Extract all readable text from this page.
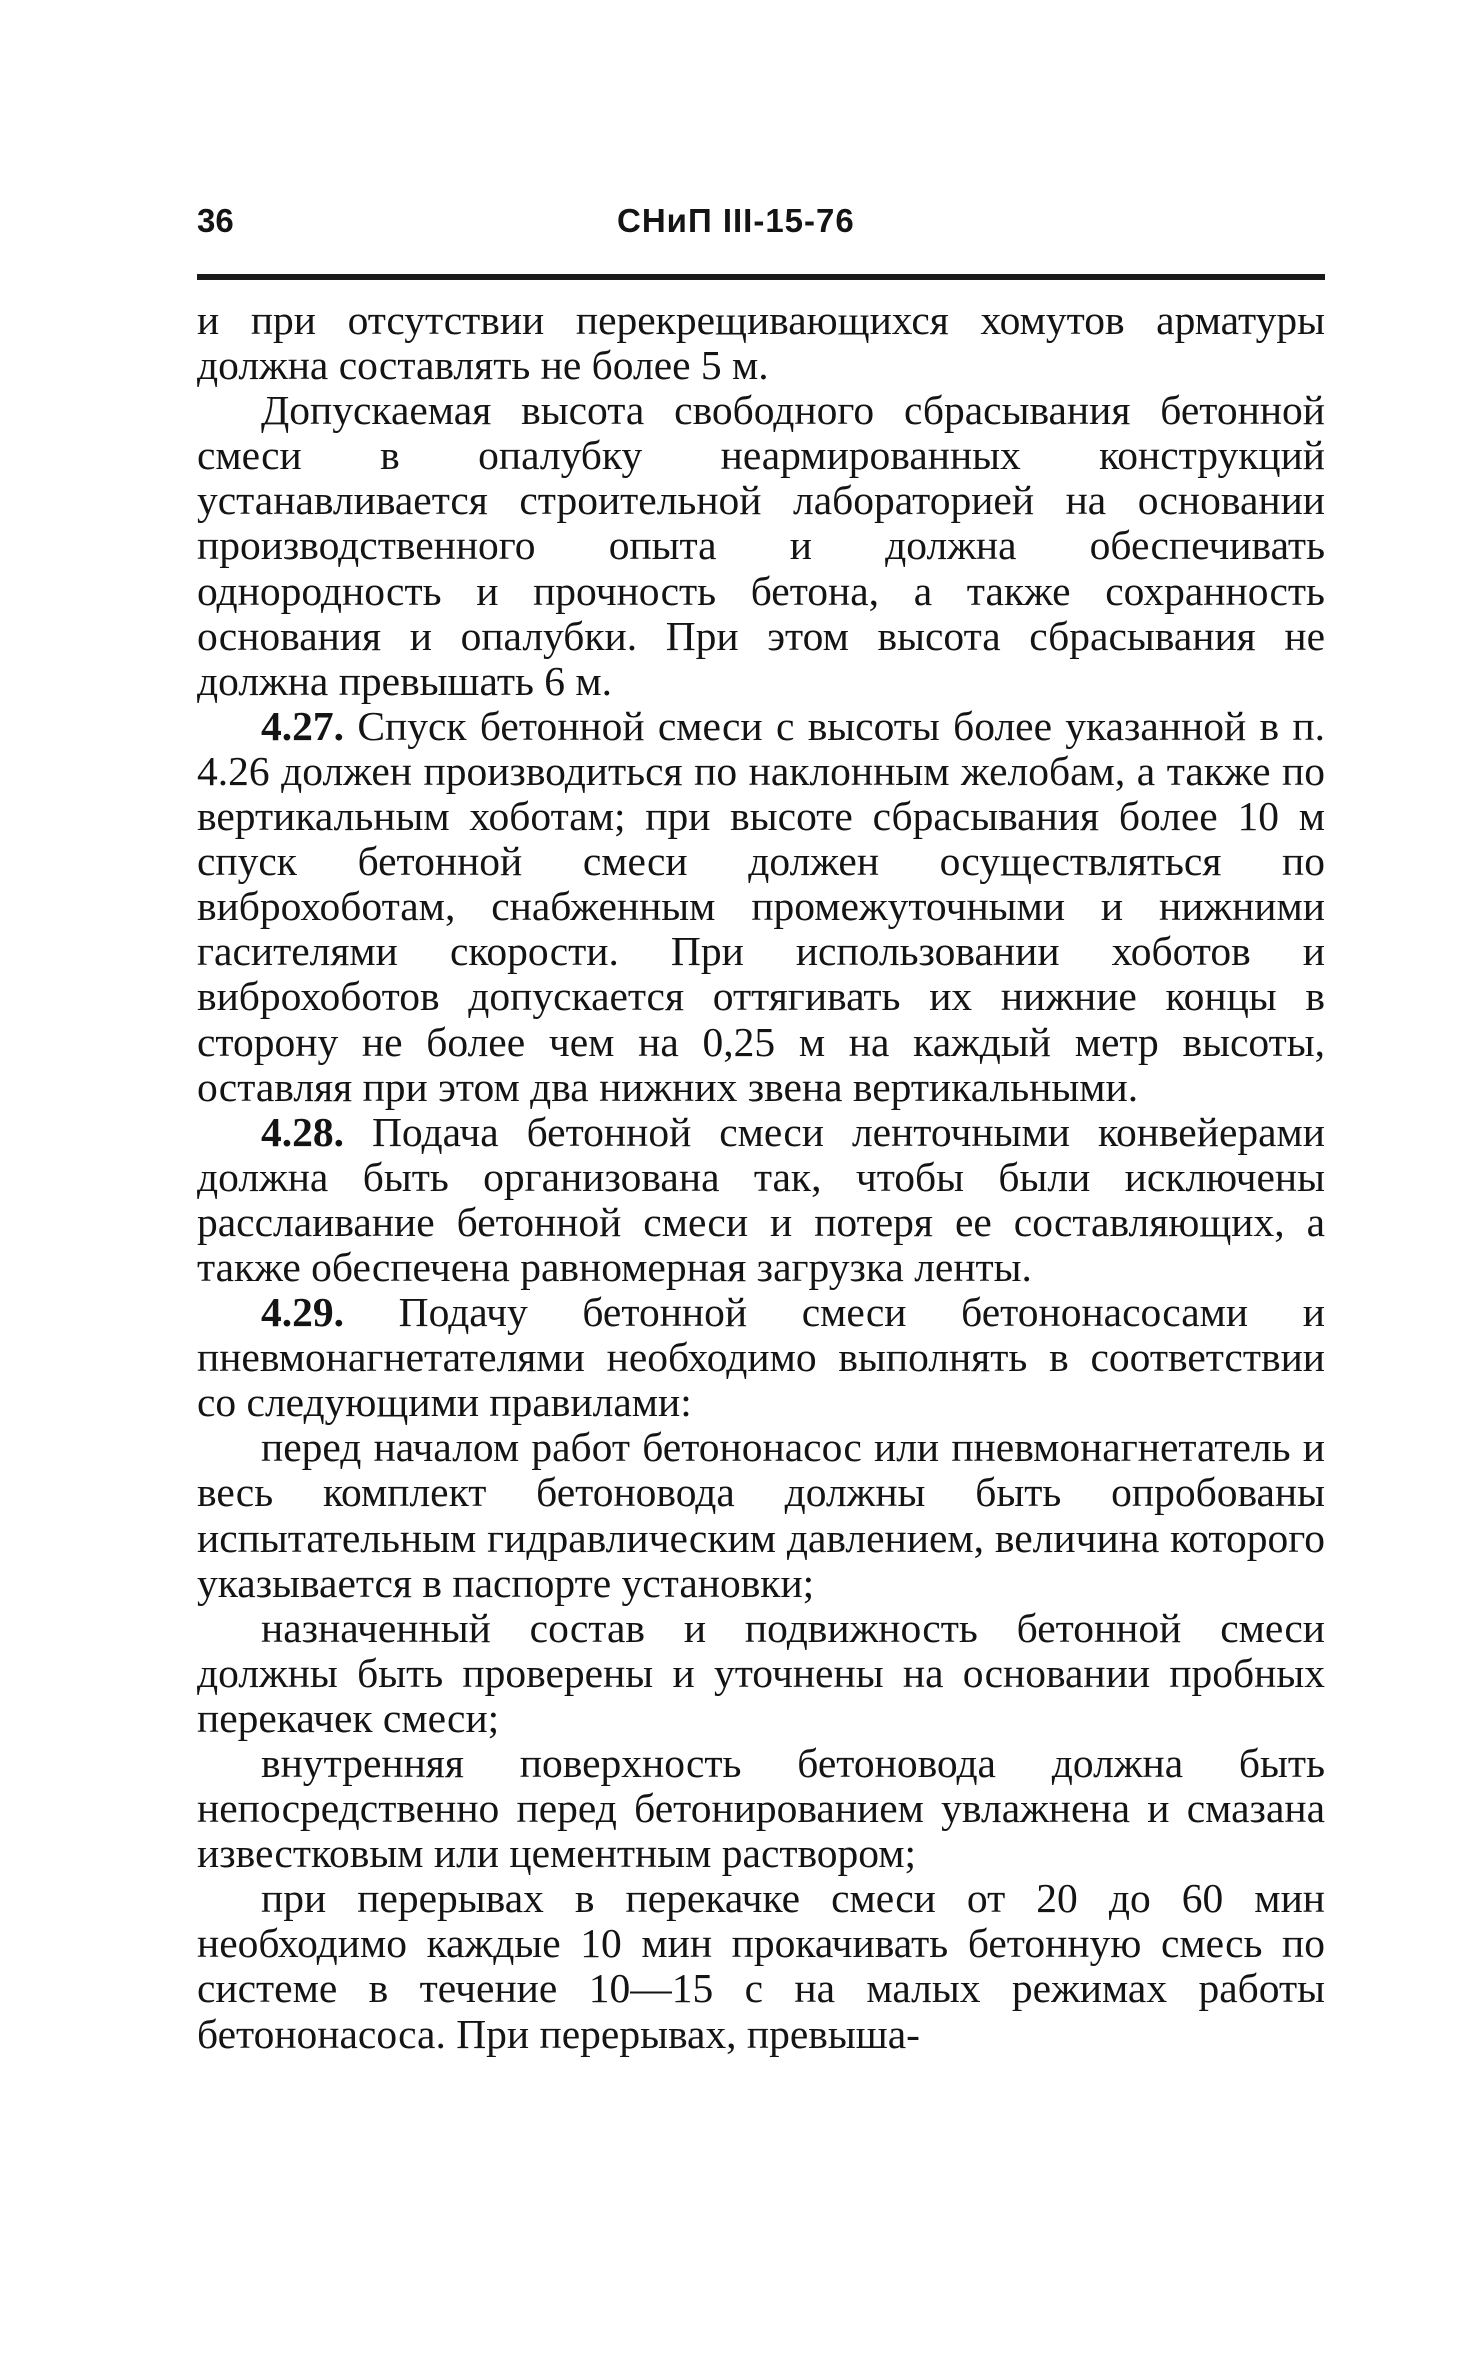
36	СНиП III-15-76

и при отсутствии перекрещивающихся хомутов арматуры должна составлять не более 5 м.

Допускаемая высота свободного сбрасывания бетонной смеси в опалубку неармированных конструкций устанавливается строительной лабораторией на основании производственного опыта и должна обеспечивать однородность и прочность бетона, а также сохранность основания и опалубки. При этом высота сбрасывания не должна превышать 6 м.

4.27. Спуск бетонной смеси с высоты более указанной в п. 4.26 должен производиться по наклонным желобам, а также по вертикальным хоботам; при высоте сбрасывания более 10 м спуск бетонной смеси должен осуществляться по виброхоботам, снабженным промежуточными и нижними гасителями скорости. При использовании хоботов и виброхоботов допускается оттягивать их нижние концы в сторону не более чем на 0,25 м на каждый метр высоты, оставляя при этом два нижних звена вертикальными.

4.28. Подача бетонной смеси ленточными конвейерами должна быть организована так, чтобы были исключены расслаивание бетонной смеси и потеря ее составляющих, а также обеспечена равномерная загрузка ленты.

4.29. Подачу бетонной смеси бетононасосами и пневмонагнетателями необходимо выполнять в соответствии со следующими правилами:

перед началом работ бетононасос или пневмонагнетатель и весь комплект бетоновода должны быть опробованы испытательным гидравлическим давлением, величина которого указывается в паспорте установки;

назначенный состав и подвижность бетонной смеси должны быть проверены и уточнены на основании пробных перекачек смеси;

внутренняя поверхность бетоновода должна быть непосредственно перед бетонированием увлажнена и смазана известковым или цементным раствором;

при перерывах в перекачке смеси от 20 до 60 мин необходимо каждые 10 мин прокачивать бетонную смесь по системе в течение 10—15 с на малых режимах работы бетононасоса. При перерывах, превыша-
